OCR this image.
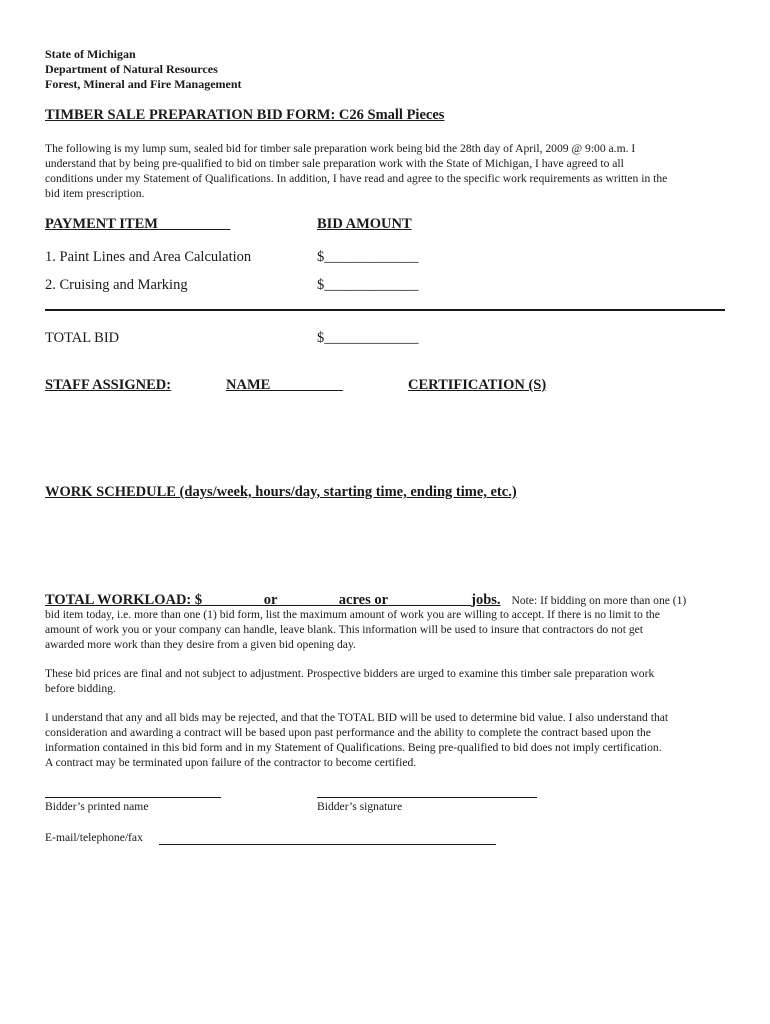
State of Michigan
Department of Natural Resources
Forest, Mineral and Fire Management
TIMBER SALE PREPARATION BID FORM: C26 Small Pieces
The following is my lump sum, sealed bid for timber sale preparation work being bid the 28th day of April, 2009 @ 9:00 a.m. I
understand that by being pre-qualified to bid on timber sale preparation work with the State of Michigan, I have agreed to all
conditions under my Statement of Qualifications. In addition, I have read and agree to the specific work requirements as written in the
bid item prescription.
PAYMENT ITEM	BID AMOUNT
1. Paint Lines and Area Calculation	$_____________
2. Cruising and Marking	$_____________
TOTAL BID	$_____________
STAFF ASSIGNED:	NAME	CERTIFICATION (S)
WORK SCHEDULE (days/week, hours/day, starting time, ending time, etc.)
TOTAL WORKLOAD: $________ or ________acres or ___________jobs. Note: If bidding on more than one (1)
bid item today, i.e. more than one (1) bid form, list the maximum amount of work you are willing to accept. If there is no limit to the
amount of work you or your company can handle, leave blank. This information will be used to insure that contractors do not get
awarded more work than they desire from a given bid opening day.
These bid prices are final and not subject to adjustment. Prospective bidders are urged to examine this timber sale preparation work
before bidding.
I understand that any and all bids may be rejected, and that the TOTAL BID will be used to determine bid value. I also understand that
consideration and awarding a contract will be based upon past performance and the ability to complete the contract based upon the
information contained in this bid form and in my Statement of Qualifications. Being pre-qualified to bid does not imply certification.
A contract may be terminated upon failure of the contractor to become certified.
Bidder’s printed name	Bidder’s signature
E-mail/telephone/fax
